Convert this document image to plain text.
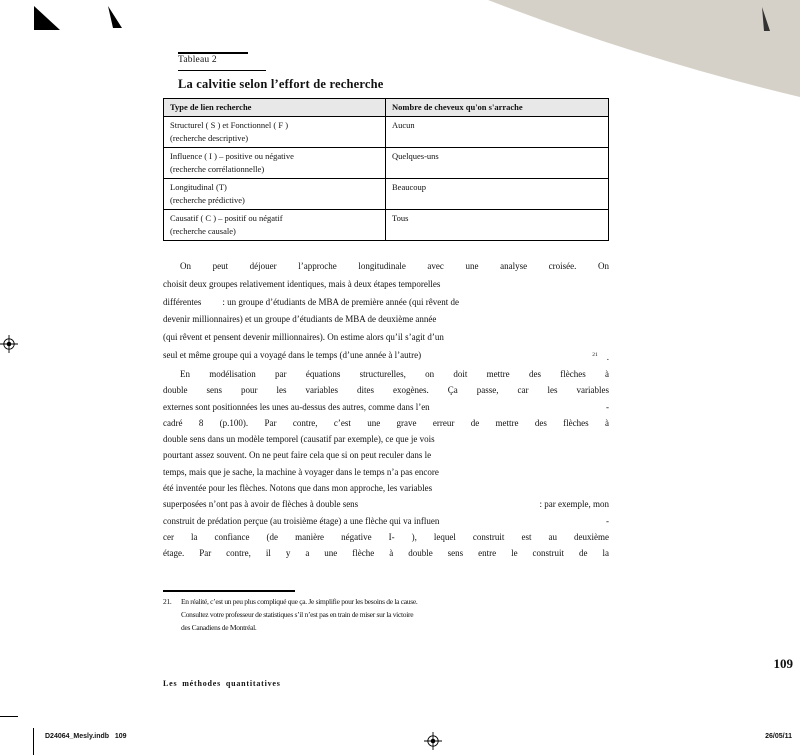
Tableau 2
La calvitie selon l’effort de recherche
Type de lien recherche	Nombre de cheveux qu'on s'arrache

Structurel ( S ) et Fonctionnel ( F )
(recherche descriptive)	Aucun

Influence ( I ) – positive ou négative
(recherche corrélationnelle)	Quelques-uns

Longitudinal (T)
(recherche prédictive)	Beaucoup

Causatif ( C ) – positif ou négatif
(recherche causale)	Tous
On peut déjouer l’approche longitudinale avec une analyse croisée. On
choisit deux groupes relativement identiques, mais à deux étapes temporelles
différentes : un groupe d’étudiants de MBA de première année (qui rêvent de
devenir millionnaires) et un groupe d’étudiants de MBA de deuxième année
(qui rêvent et pensent devenir millionnaires). On estime alors qu’il s’agit d’un
seul et même groupe qui a voyagé dans le temps (d’une année à l’autre)	$^{21}$ .
En modélisation par équations structurelles, on doit mettre des flèches à
double sens pour les variables dites exogènes. Ça passe, car les variables
externes sont positionnées les unes au-dessus des autres, comme dans l’en	-
cadré 8 (p.100). Par contre, c’est une grave erreur de mettre des flèches à
double sens dans un modèle temporel (causatif par exemple), ce que je vois
pourtant assez souvent. On ne peut faire cela que si on peut reculer dans le
temps, mais que je sache, la machine à voyager dans le temps n’a pas encore
été inventée pour les flèches. Notons que dans mon approche, les variables
superposées n’ont pas à avoir de flèches à double sens	: par exemple, mon
construit de prédation perçue (au troisième étage) a une flèche qui va influen	-
cer la confiance (de manière négative I- ), lequel construit est au deuxième
étage. Par contre, il y a une flèche à double sens entre le construit de la
21. En réalité, c’est un peu plus compliqué que ça. Je simplifie pour les besoins de la cause.
Consultez votre professeur de statistiques s’il n’est pas en train de miser sur la victoire
des Canadiens de Montréal.
109
Les méthodes quantitatives
D24064_Mesly.indb   109	26/05/11
